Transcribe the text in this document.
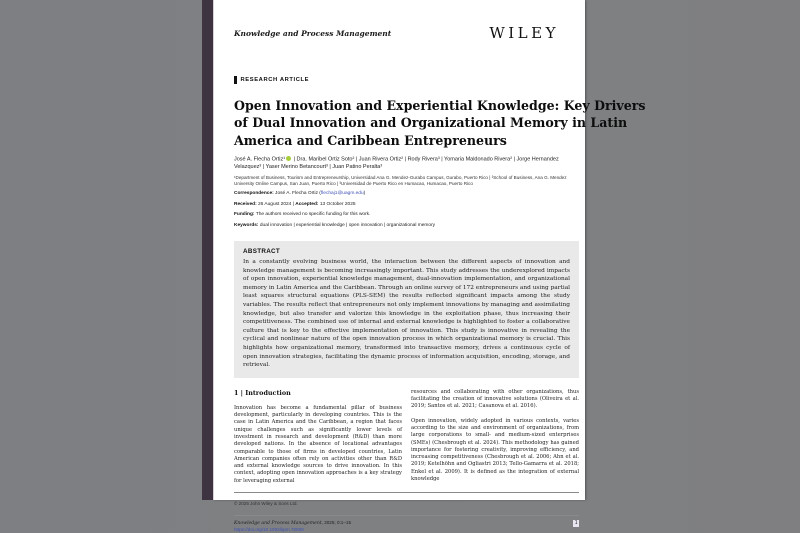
Knowledge and Process Management	WILEY
RESEARCH ARTICLE
Open Innovation and Experiential Knowledge: Key Drivers
of Dual Innovation and Organizational Memory in Latin
America and Caribbean Entrepreneurs
José A. Flecha Ortiz¹ | Dra. Maribel Ortiz Soto² | Juan Rivera Ortiz² | Rody Rivera³ | Yomaria Maldonado Rivera² | Jorge Hernandez Velazquez³ | Yaser Merino Betancourt³ | Juan Patino Peralta³
¹Department of Business, Tourism and Entrepreneurship, Universidad Ana G. Mendez-Gurabo Campus, Gurabo, Puerto Rico | ²School of Business, Ana G. Mendez University Online Campus, San Juan, Puerto Rico | ³Universidad de Puerto Rico en Humacao, Humacao, Puerto Rico
Correspondence: José A. Flecha Ortiz (flechaj1@uagm.edu)
Received: 26 August 2024 | Accepted: 13 October 2025
Funding: The authors received no specific funding for this work.
Keywords: dual innovation | experiential knowledge | open innovation | organizational memory
ABSTRACT
In a constantly evolving business world, the interaction between the different aspects of innovation and knowledge management is becoming increasingly important. This study addresses the underexplored impacts of open innovation, experiential knowledge management, dual-innovation implementation, and organizational memory in Latin America and the Caribbean. Through an online survey of 172 entrepreneurs and using partial least squares structural equations (PLS-SEM) the results reflected significant impacts among the study variables. The results reflect that entrepreneurs not only implement innovations by managing and assimilating knowledge, but also transfer and valorize this knowledge in the exploitation phase, thus increasing their competitiveness. The combined use of internal and external knowledge is highlighted to foster a collaborative culture that is key to the effective implementation of innovation. This study is innovative in revealing the cyclical and nonlinear nature of the open innovation process in which organizational memory is crucial. This highlights how organizational memory, transformed into transactive memory, drives a continuous cycle of open innovation strategies, facilitating the dynamic process of information acquisition, encoding, storage, and retrieval.
1 | Introduction
Innovation has become a fundamental pillar of business development, particularly in developing countries. This is the case in Latin America and the Caribbean, a region that faces unique challenges such as significantly lower levels of investment in research and development (R&D) than more developed nations. In the absence of locational advantages comparable to those of firms in developed countries, Latin American companies often rely on activities other than R&D and external knowledge sources to drive innovation. In this context, adopting open innovation approaches is a key strategy for leveraging external
resources and collaborating with other organizations, thus facilitating the creation of innovative solutions (Oliveira et al. 2019; Santos et al. 2021; Casanova et al. 2016).
Open innovation, widely adopted in various contexts, varies according to the size and environment of organizations, from large corporations to small- and medium-sized enterprises (SMEs) (Chesbrough et al. 2024). This methodology has gained importance for fostering creativity, improving efficiency, and increasing competitiveness (Chesbrough et al. 2006; Ahn et al. 2019; Ketelhöhn and Ogliastri 2013; Tello-Gamarra et al. 2018; Enkel et al. 2009). It is defined as the integration of external knowledge
© 2025 John Wiley & Sons Ltd.
Knowledge and Process Management, 2025; 0:1–15
https://doi.org/10.1002/kpm.70009
1
